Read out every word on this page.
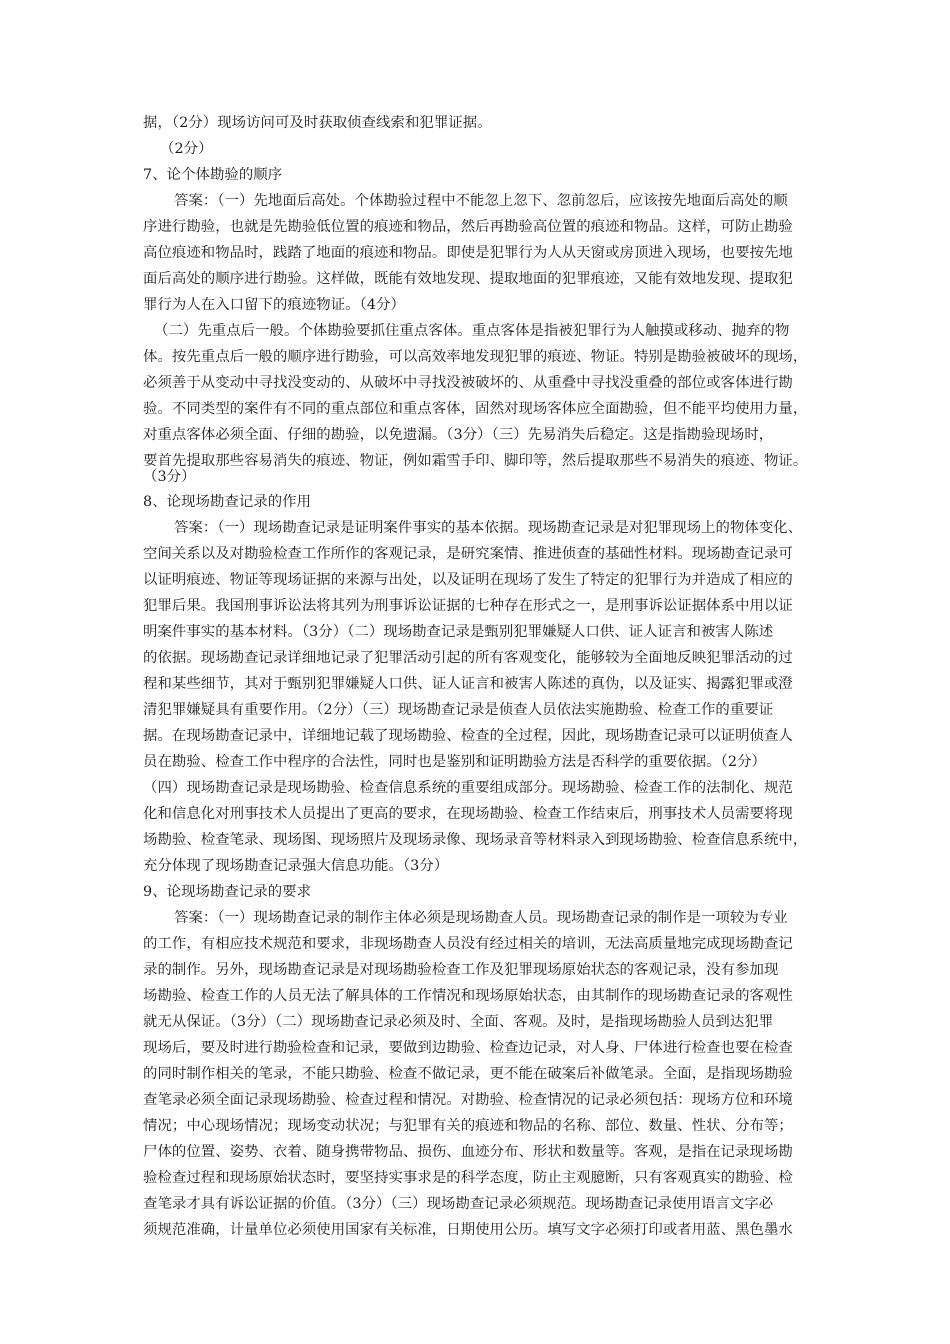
据，（2分）现场访问可及时获取侦查线索和犯罪证据。
（2分）
7、论个体勘验的顺序
答案：（一）先地面后高处。个体勘验过程中不能忽上忽下、忽前忽后，应该按先地面后高处的顺
序进行勘验，也就是先勘验低位置的痕迹和物品，然后再勘验高位置的痕迹和物品。这样，可防止勘验
高位痕迹和物品时，践踏了地面的痕迹和物品。即使是犯罪行为人从天窗或房顶进入现场，也要按先地
面后高处的顺序进行勘验。这样做，既能有效地发现、提取地面的犯罪痕迹，又能有效地发现、提取犯
罪行为人在入口留下的痕迹物证。（4分）
（二）先重点后一般。个体勘验要抓住重点客体。重点客体是指被犯罪行为人触摸或移动、抛弃的物
体。按先重点后一般的顺序进行勘验，可以高效率地发现犯罪的痕迹、物证。特别是勘验被破坏的现场，
必须善于从变动中寻找没变动的、从破坏中寻找没被破坏的、从重叠中寻找没重叠的部位或客体进行勘
验。不同类型的案件有不同的重点部位和重点客体，固然对现场客体应全面勘验，但不能平均使用力量，
对重点客体必须全面、仔细的勘验，以免遗漏。（3分）（三）先易消失后稳定。这是指勘验现场时，
要首先提取那些容易消失的痕迹、物证，例如霜雪手印、脚印等，然后提取那些不易消失的痕迹、物证。
（3分）
8、论现场勘查记录的作用
答案：（一）现场勘查记录是证明案件事实的基本依据。现场勘查记录是对犯罪现场上的物体变化、
空间关系以及对勘验检查工作所作的客观记录，是研究案情、推进侦查的基础性材料。现场勘查记录可
以证明痕迹、物证等现场证据的来源与出处，以及证明在现场了发生了特定的犯罪行为并造成了相应的
犯罪后果。我国刑事诉讼法将其列为刑事诉讼证据的七种存在形式之一，是刑事诉讼证据体系中用以证
明案件事实的基本材料。（3分）（二）现场勘查记录是甄别犯罪嫌疑人口供、证人证言和被害人陈述
的依据。现场勘查记录详细地记录了犯罪活动引起的所有客观变化，能够较为全面地反映犯罪活动的过
程和某些细节，其对于甄别犯罪嫌疑人口供、证人证言和被害人陈述的真伪，以及证实、揭露犯罪或澄
清犯罪嫌疑具有重要作用。（2分）（三）现场勘查记录是侦查人员依法实施勘验、检查工作的重要证
据。在现场勘查记录中，详细地记载了现场勘验、检查的全过程，因此，现场勘查记录可以证明侦查人
员在勘验、检查工作中程序的合法性，同时也是鉴别和证明勘验方法是否科学的重要依据。（2分）
（四）现场勘查记录是现场勘验、检查信息系统的重要组成部分。现场勘验、检查工作的法制化、规范
化和信息化对刑事技术人员提出了更高的要求，在现场勘验、检查工作结束后，刑事技术人员需要将现
场勘验、检查笔录、现场图、现场照片及现场录像、现场录音等材料录入到现场勘验、检查信息系统中，
充分体现了现场勘查记录强大信息功能。（3分）
9、论现场勘查记录的要求
答案：（一）现场勘查记录的制作主体必须是现场勘查人员。现场勘查记录的制作是一项较为专业
的工作，有相应技术规范和要求，非现场勘查人员没有经过相关的培训，无法高质量地完成现场勘查记
录的制作。另外，现场勘查记录是对现场勘验检查工作及犯罪现场原始状态的客观记录，没有参加现
场勘验、检查工作的人员无法了解具体的工作情况和现场原始状态，由其制作的现场勘查记录的客观性
就无从保证。（3分）（二）现场勘查记录必须及时、全面、客观。及时，是指现场勘验人员到达犯罪
现场后，要及时进行勘验检查和记录，要做到边勘验、检查边记录，对人身、尸体进行检查也要在检查
的同时制作相关的笔录，不能只勘验、检查不做记录，更不能在破案后补做笔录。全面，是指现场勘验
查笔录必须全面记录现场勘验、检查过程和情况。对勘验、检查情况的记录必须包括：现场方位和环境
情况；中心现场情况；现场变动状况；与犯罪有关的痕迹和物品的名称、部位、数量、性状、分布等；
尸体的位置、姿势、衣着、随身携带物品、损伤、血迹分布、形状和数量等。客观，是指在记录现场勘
验检查过程和现场原始状态时，要坚持实事求是的科学态度，防止主观臆断，只有客观真实的勘验、检
查笔录才具有诉讼证据的价值。（3分）（三）现场勘查记录必须规范。现场勘查记录使用语言文字必
须规范准确，计量单位必须使用国家有关标准，日期使用公历。填写文字必须打印或者用蓝、黑色墨水
